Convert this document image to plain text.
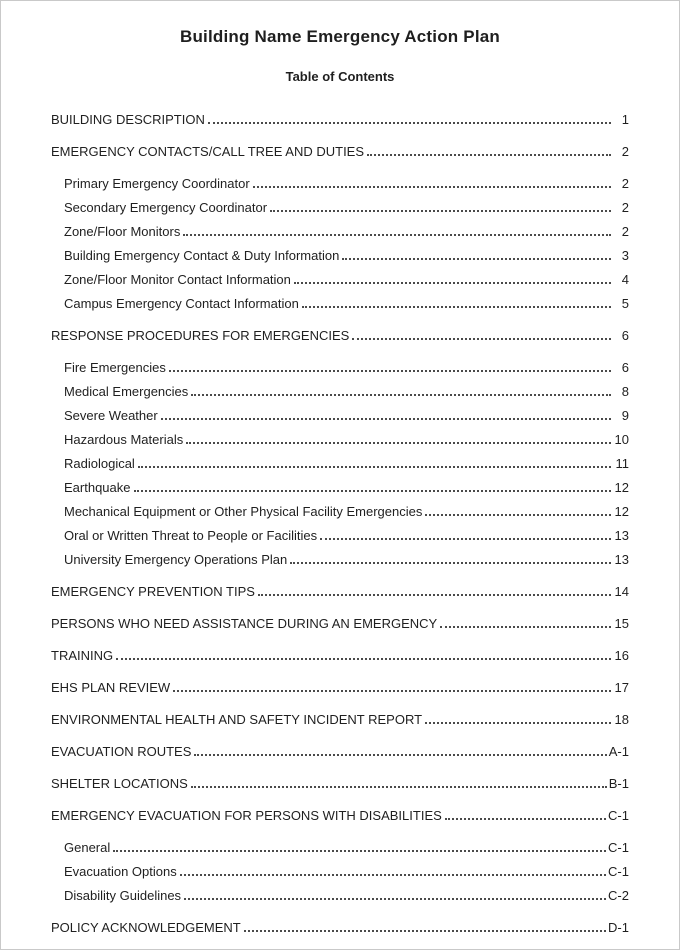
Building Name Emergency Action Plan
Table of Contents
BUILDING DESCRIPTION	1
EMERGENCY CONTACTS/CALL TREE AND DUTIES	2
Primary Emergency Coordinator	2
Secondary Emergency Coordinator	2
Zone/Floor Monitors	2
Building Emergency Contact & Duty Information	3
Zone/Floor Monitor Contact Information	4
Campus Emergency Contact Information	5
RESPONSE PROCEDURES FOR EMERGENCIES	6
Fire Emergencies	6
Medical Emergencies	8
Severe Weather	9
Hazardous Materials	10
Radiological	11
Earthquake	12
Mechanical Equipment or Other Physical Facility Emergencies	12
Oral or Written Threat to People or Facilities	13
University Emergency Operations Plan	13
EMERGENCY PREVENTION TIPS	14
PERSONS WHO NEED ASSISTANCE DURING AN EMERGENCY	15
TRAINING	16
EHS PLAN REVIEW	17
ENVIRONMENTAL HEALTH AND SAFETY INCIDENT REPORT	18
EVACUATION ROUTES	A-1
SHELTER LOCATIONS	B-1
EMERGENCY EVACUATION FOR PERSONS WITH DISABILITIES	C-1
General	C-1
Evacuation Options	C-1
Disability Guidelines	C-2
POLICY ACKNOWLEDGEMENT	D-1
